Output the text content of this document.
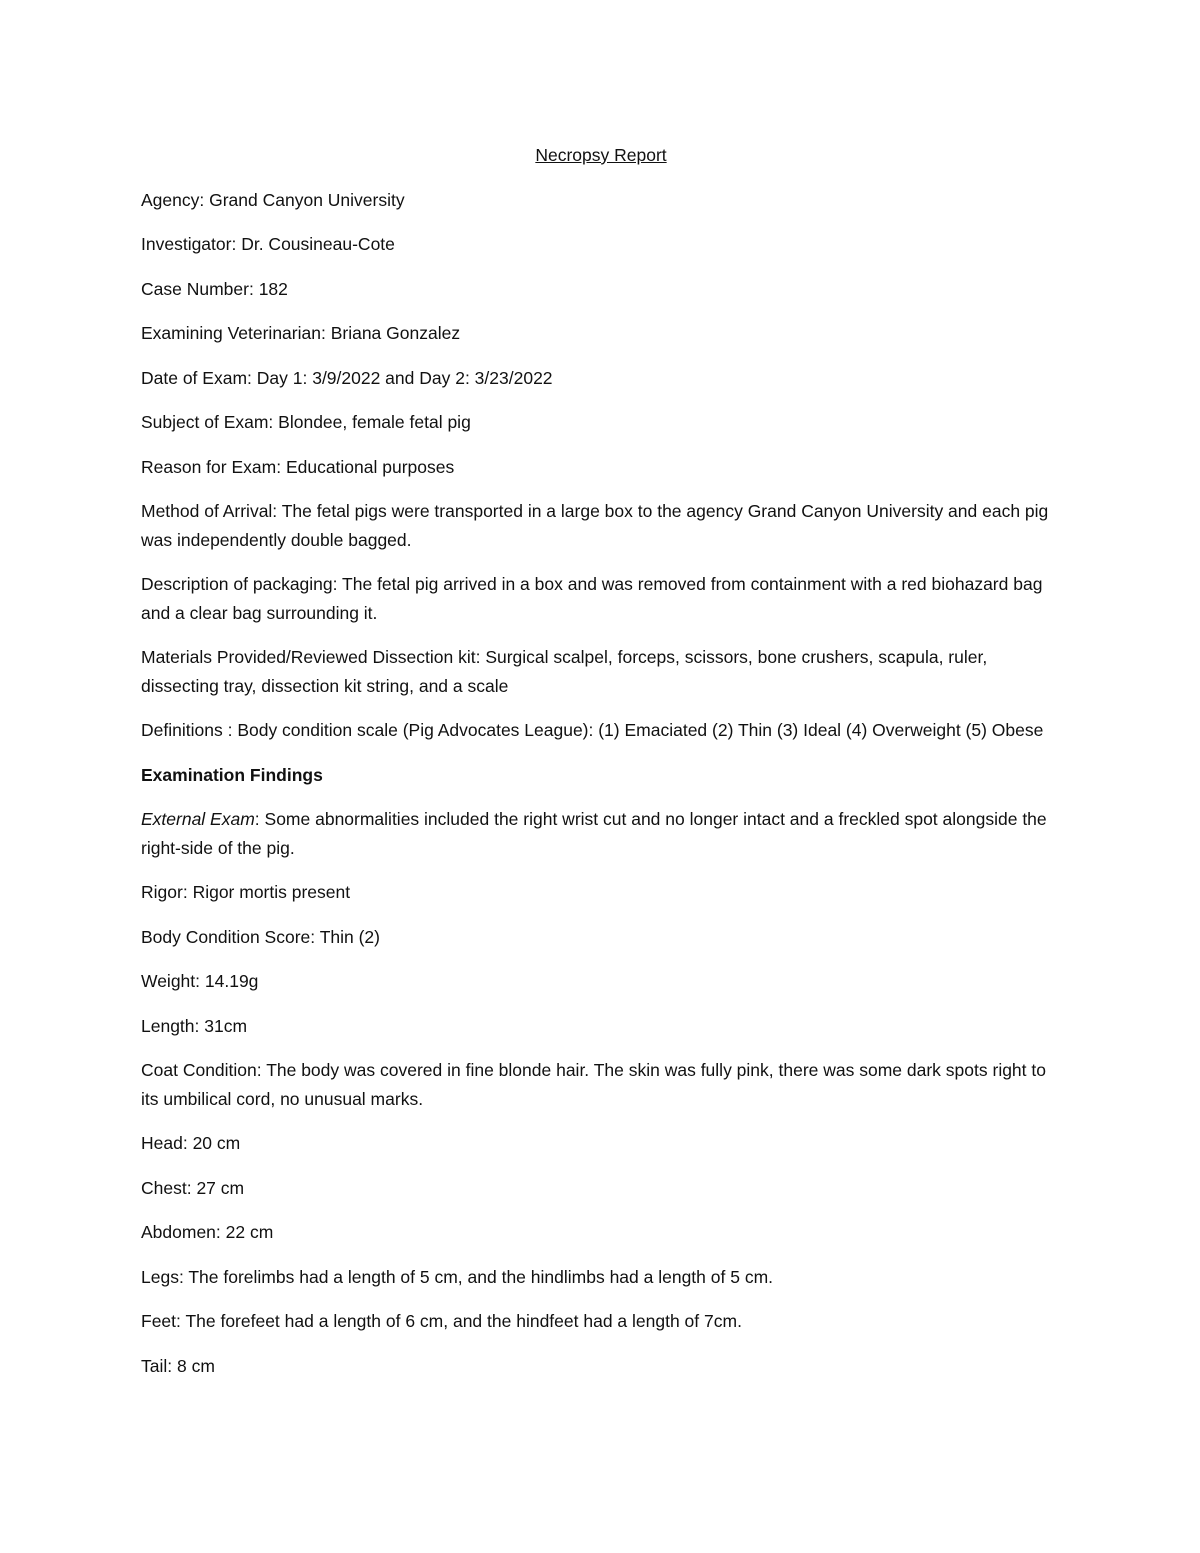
Necropsy Report
Agency: Grand Canyon University
Investigator: Dr. Cousineau-Cote
Case Number: 182
Examining Veterinarian: Briana Gonzalez
Date of Exam: Day 1: 3/9/2022 and Day 2: 3/23/2022
Subject of Exam: Blondee, female fetal pig
Reason for Exam: Educational purposes
Method of Arrival: The fetal pigs were transported in a large box to the agency Grand Canyon University and each pig was independently double bagged.
Description of packaging: The fetal pig arrived in a box and was removed from containment with a red biohazard bag and a clear bag surrounding it.
Materials Provided/Reviewed Dissection kit: Surgical scalpel, forceps, scissors, bone crushers, scapula, ruler, dissecting tray, dissection kit string, and a scale
Definitions : Body condition scale (Pig Advocates League): (1) Emaciated (2) Thin (3) Ideal (4) Overweight (5) Obese
Examination Findings
External Exam: Some abnormalities included the right wrist cut and no longer intact and a freckled spot alongside the right-side of the pig.
Rigor: Rigor mortis present
Body Condition Score: Thin (2)
Weight: 14.19g
Length: 31cm
Coat Condition: The body was covered in fine blonde hair. The skin was fully pink, there was some dark spots right to its umbilical cord, no unusual marks.
Head: 20 cm
Chest: 27 cm
Abdomen: 22 cm
Legs: The forelimbs had a length of 5 cm, and the hindlimbs had a length of 5 cm.
Feet: The forefeet had a length of 6 cm, and the hindfeet had a length of 7cm.
Tail: 8 cm
